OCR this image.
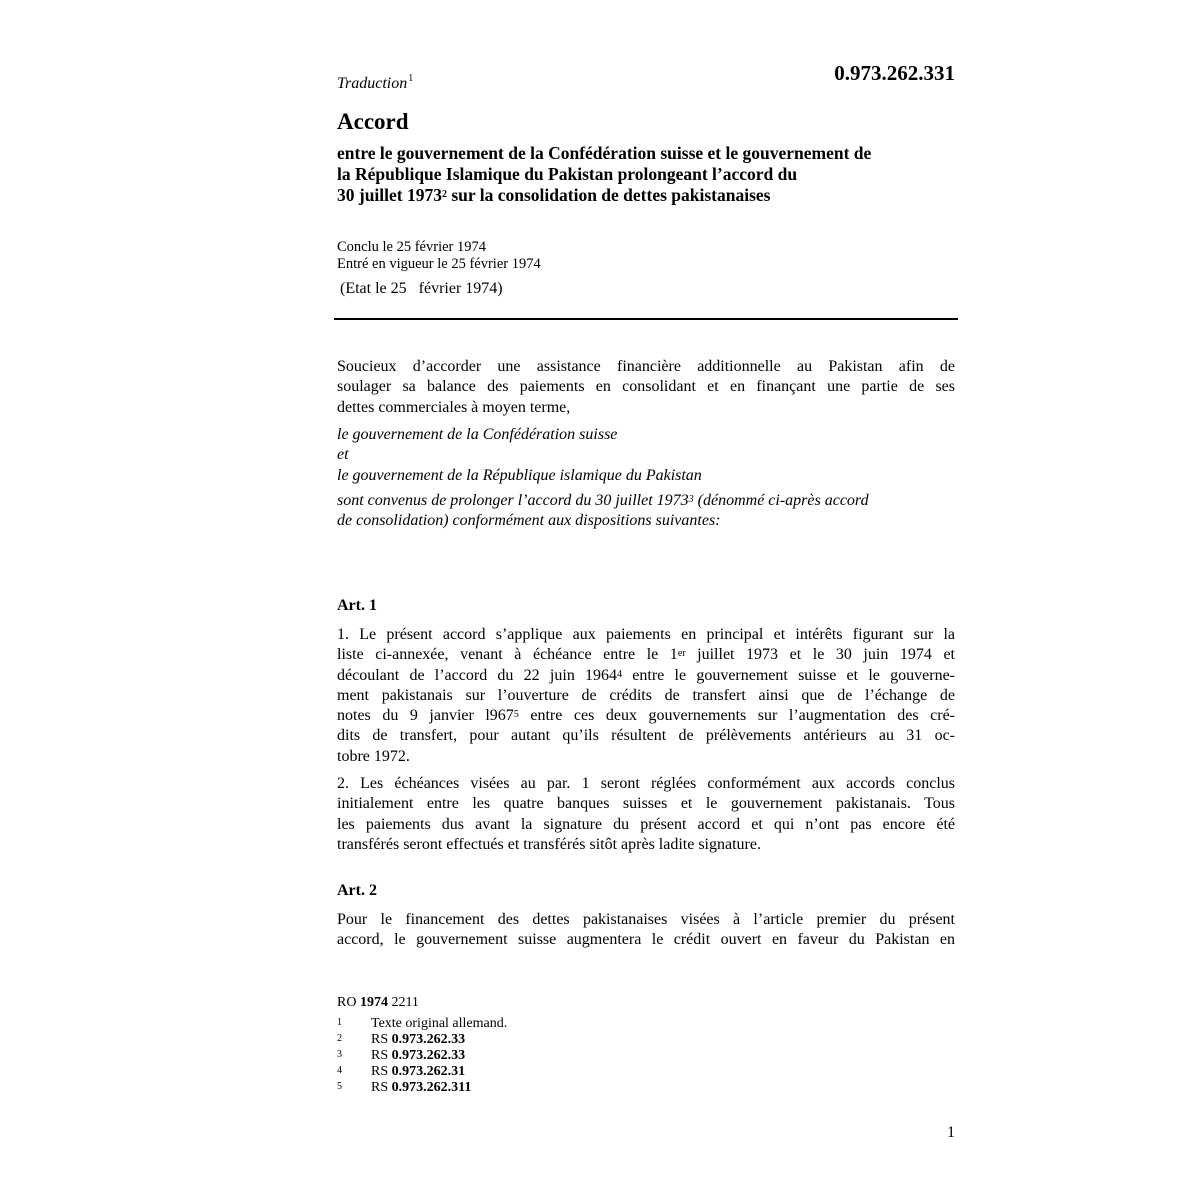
Traduction$^1$	0.973.262.331
Accord
entre le gouvernement de la Confédération suisse et le gouvernement de
la République Islamique du Pakistan prolongeant l’accord du
30 juillet 1973$^2$ sur la consolidation de dettes pakistanaises
Conclu le 25 février 1974
Entré en vigueur le 25 février 1974
(Etat le 25   février 1974)
Soucieux d’accorder une assistance financière additionnelle au Pakistan afin de
soulager sa balance des paiements en consolidant et en finançant une partie de ses
dettes commerciales à moyen terme,
le gouvernement de la Confédération suisse
et
le gouvernement de la République islamique du Pakistan
sont convenus de prolonger l’accord du 30 juillet 1973$^3$ (dénommé ci-après accord
de consolidation) conformément aux dispositions suivantes:
Art. 1
1. Le présent accord s’applique aux paiements en principal et intérêts figurant sur la
liste ci-annexée, venant à échéance entre le 1er juillet 1973 et le 30 juin 1974 et
découlant de l’accord du 22 juin 1964$^4$ entre le gouvernement suisse et le gouverne-
ment pakistanais sur l’ouverture de crédits de transfert ainsi que de l’échange de
notes du 9 janvier $l967^5$ entre ces deux gouvernements sur l’augmentation des cré-
dits de transfert, pour autant qu’ils résultent de prélèvements antérieurs au 31 oc-
tobre 1972.
2. Les échéances visées au par. 1 seront réglées conformément aux accords conclus
initialement entre les quatre banques suisses et le gouvernement pakistanais. Tous
les paiements dus avant la signature du présent accord et qui n’ont pas encore été
transférés seront effectués et transférés sitôt après ladite signature.
Art. 2
Pour le financement des dettes pakistanaises visées à l’article premier du présent
accord, le gouvernement suisse augmentera le crédit ouvert en faveur du Pakistan en
RO 1974 2211
1 Texte original allemand.
2 RS 0.973.262.33
3 RS 0.973.262.33
4 RS 0.973.262.31
5 RS 0.973.262.311
1
